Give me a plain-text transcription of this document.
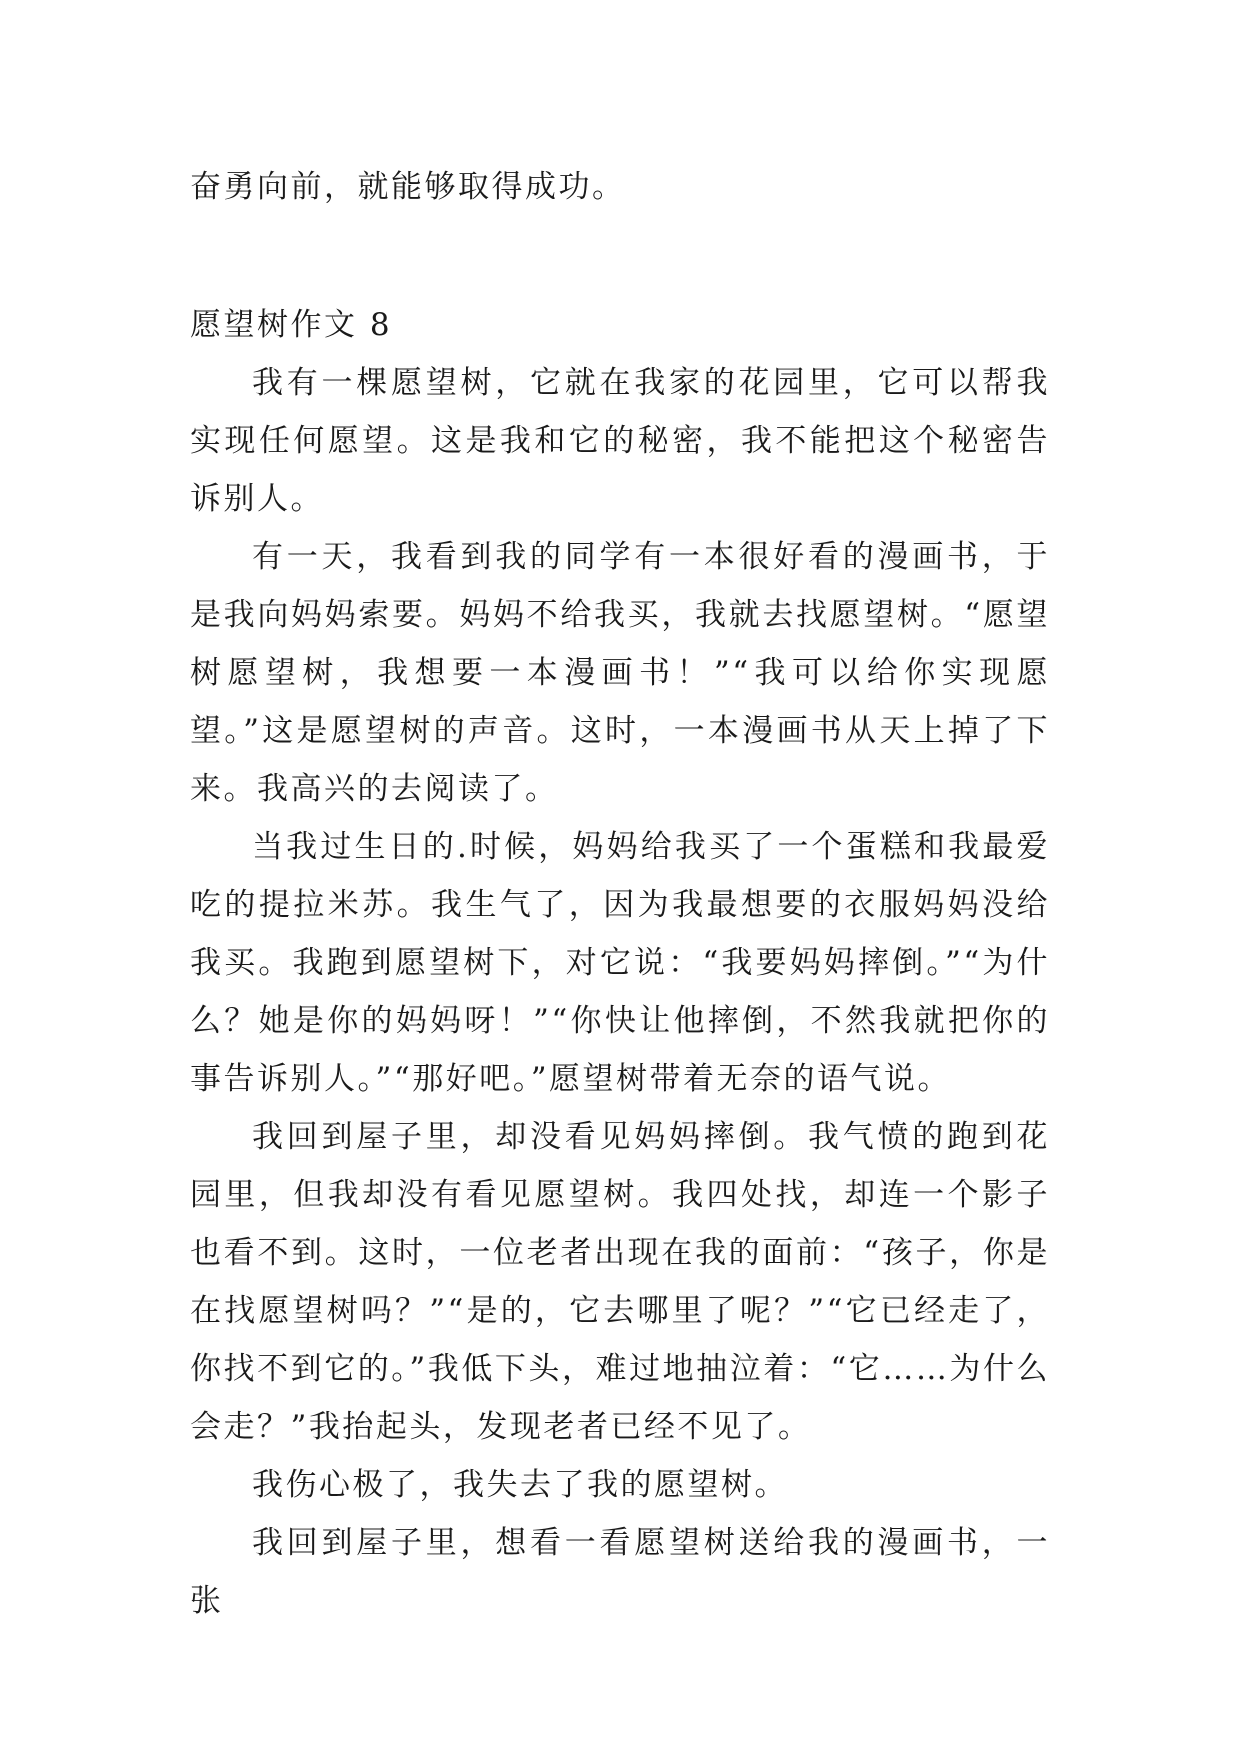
奋勇向前，就能够取得成功。

愿望树作文 8

我有一棵愿望树，它就在我家的花园里，它可以帮我实现任何愿望。这是我和它的秘密，我不能把这个秘密告诉别人。

有一天，我看到我的同学有一本很好看的漫画书，于是我向妈妈索要。妈妈不给我买，我就去找愿望树。“愿望树愿望树，我想要一本漫画书！”“我可以给你实现愿望。”这是愿望树的声音。这时，一本漫画书从天上掉了下来。我高兴的去阅读了。

当我过生日的.时候，妈妈给我买了一个蛋糕和我最爱吃的提拉米苏。我生气了，因为我最想要的衣服妈妈没给我买。我跑到愿望树下，对它说：“我要妈妈摔倒。”“为什么？她是你的妈妈呀！”“你快让他摔倒，不然我就把你的事告诉别人。”“那好吧。”愿望树带着无奈的语气说。

我回到屋子里，却没看见妈妈摔倒。我气愤的跑到花园里，但我却没有看见愿望树。我四处找，却连一个影子也看不到。这时，一位老者出现在我的面前：“孩子，你是在找愿望树吗？”“是的，它去哪里了呢？”“它已经走了，你找不到它的。”我低下头，难过地抽泣着：“它……为什么会走？”我抬起头，发现老者已经不见了。

我伤心极了，我失去了我的愿望树。

我回到屋子里，想看一看愿望树送给我的漫画书，一张
